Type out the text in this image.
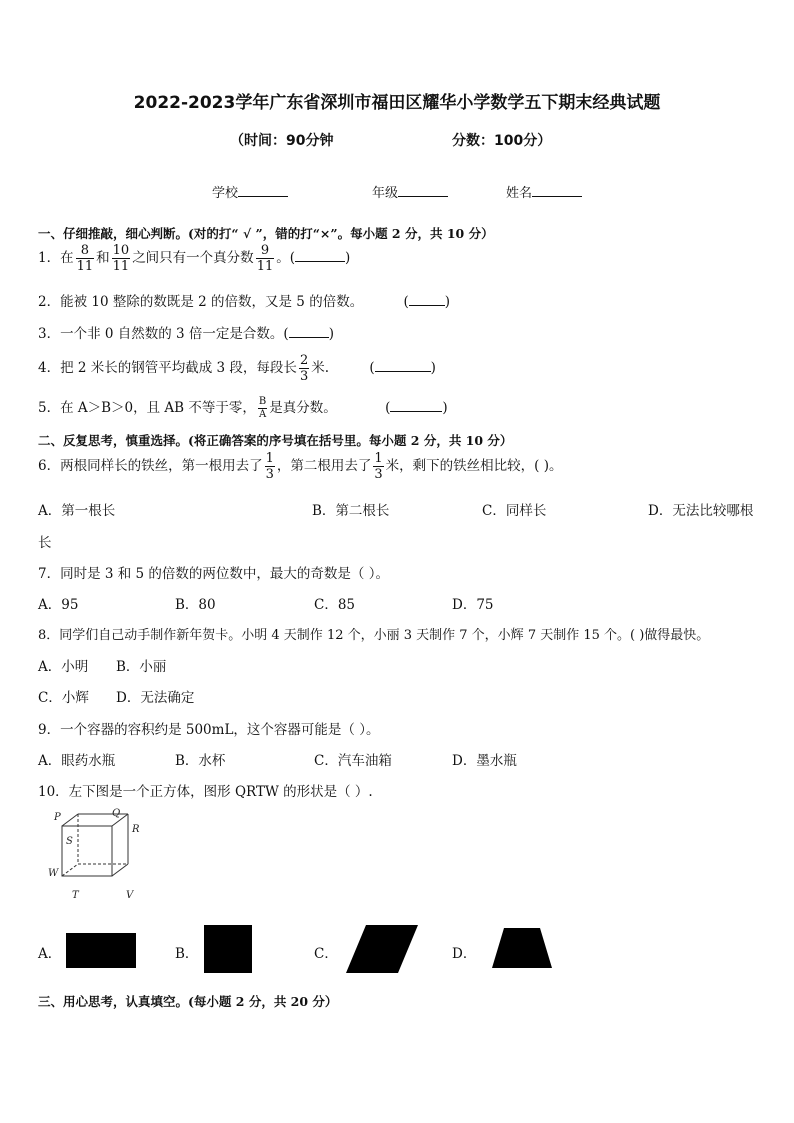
2022-2023学年广东省深圳市福田区耀华小学数学五下期末经典试题
（时间：90分钟	分数：100分）
学校	年级	姓名
一、仔细推敲，细心判断。(对的打“ √ ”，错的打“×”。每小题 2 分，共 10 分）
1．在 $\frac{8}{11}$ 和 $\frac{10}{11}$ 之间只有一个真分数 $\frac{9}{11}$ 。(	)
2．能被 10 整除的数既是 2 的倍数，又是 5 的倍数。	(	)
3．一个非 0 自然数的 3 倍一定是合数。(	)
4．把 2 米长的钢管平均截成 3 段，每段长 $\frac{2}{3}$ 米.	(	)
5．在 A＞B＞0，且 AB 不等于零， $\frac{B}{A}$ 是真分数。	(	)
二、反复思考，慎重选择。(将正确答案的序号填在括号里。每小题 2 分，共 10 分）
6．两根同样长的铁丝，第一根用去了 $\frac{1}{3}$ ，第二根用去了 $\frac{1}{3}$ 米，剩下的铁丝相比较，( )。
A．第一根长	B．第二根长	C．同样长	D．无法比较哪根
长
7．同时是 3 和 5 的倍数的两位数中，最大的奇数是（ ）。
A．95	B．80	C．85	D．75
8．同学们自己动手制作新年贺卡。小明 4 天制作 12 个，小丽 3 天制作 7 个，小辉 7 天制作 15 个。( )做得最快。
A．小明 B．小丽
C．小辉 D．无法确定
9．一个容器的容积约是 500mL，这个容器可能是（ ）。
A．眼药水瓶	B．水杯	C．汽车油箱	D．墨水瓶
10．左下图是一个正方体，图形 QRTW 的形状是（ ）.
P	Q
R
S
W
T	V
A．	B．	C．	D．
三、用心思考，认真填空。(每小题 2 分，共 20 分）
